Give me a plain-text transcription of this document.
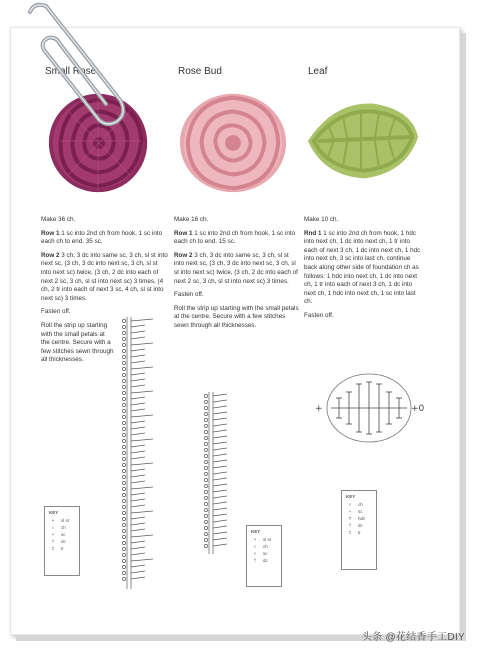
Small Rose	Rose Bud	Leaf

Make 36 ch.

Row 1 1 sc into 2nd ch from hook, 1 sc into each ch to end. 35 sc.

Row 2 3 ch, 3 dc into same sc, 3 ch, sl st into next sc, (3 ch, 3 dc into next sc, 3 ch, sl st into next sc) twice, (3 ch, 2 dc into each of next 2 sc, 3 ch, sl st into next sc) 3 times, (4 ch, 2 tr into each of next 3 sc, 4 ch, sl st into next sc) 3 times.

Fasten off.

Roll the strip up starting with the small petals at the centre. Secure with a few stitches sewn through all thicknesses.

Make 16 ch.

Row 1 1 sc into 2nd ch from hook, 1 sc into each ch to end. 15 sc.

Row 2 3 ch, 3 dc into same sc, 3 ch, sl st into next sc, (3 ch, 3 dc into next sc, 3 ch, sl st into next sc) twice, (3 ch, 2 dc into each of next 2 sc, 3 ch, sl st into next sc) 3 times.

Fasten off.

Roll the strip up starting with the small petals at the centre. Secure with a few stitches sewn through all thicknesses.

Make 10 ch.

Rnd 1 1 sc into 2nd ch from hook, 1 hdc into next ch, 1 dc into next ch, 1 tr into each of next 3 ch, 1 dc into next ch, 1 hdc into next ch, 3 sc into last ch, continue back along other side of foundation ch as follows: 1 hdc into next ch, 1 dc into next ch, 1 tr into each of next 3 ch, 1 dc into next ch, 1 hdc into next ch, 1 sc into last ch.

Fasten off.

+	+0
KEY
•	sl st
○	ch
+	sc
†	dc
‡	tr
KEY
•	sl st
○	ch
+	sc
†	dc
KEY
○	ch
+	sc
T	hdc
†	dc
‡	tr
头条 @花结香手工DIY
